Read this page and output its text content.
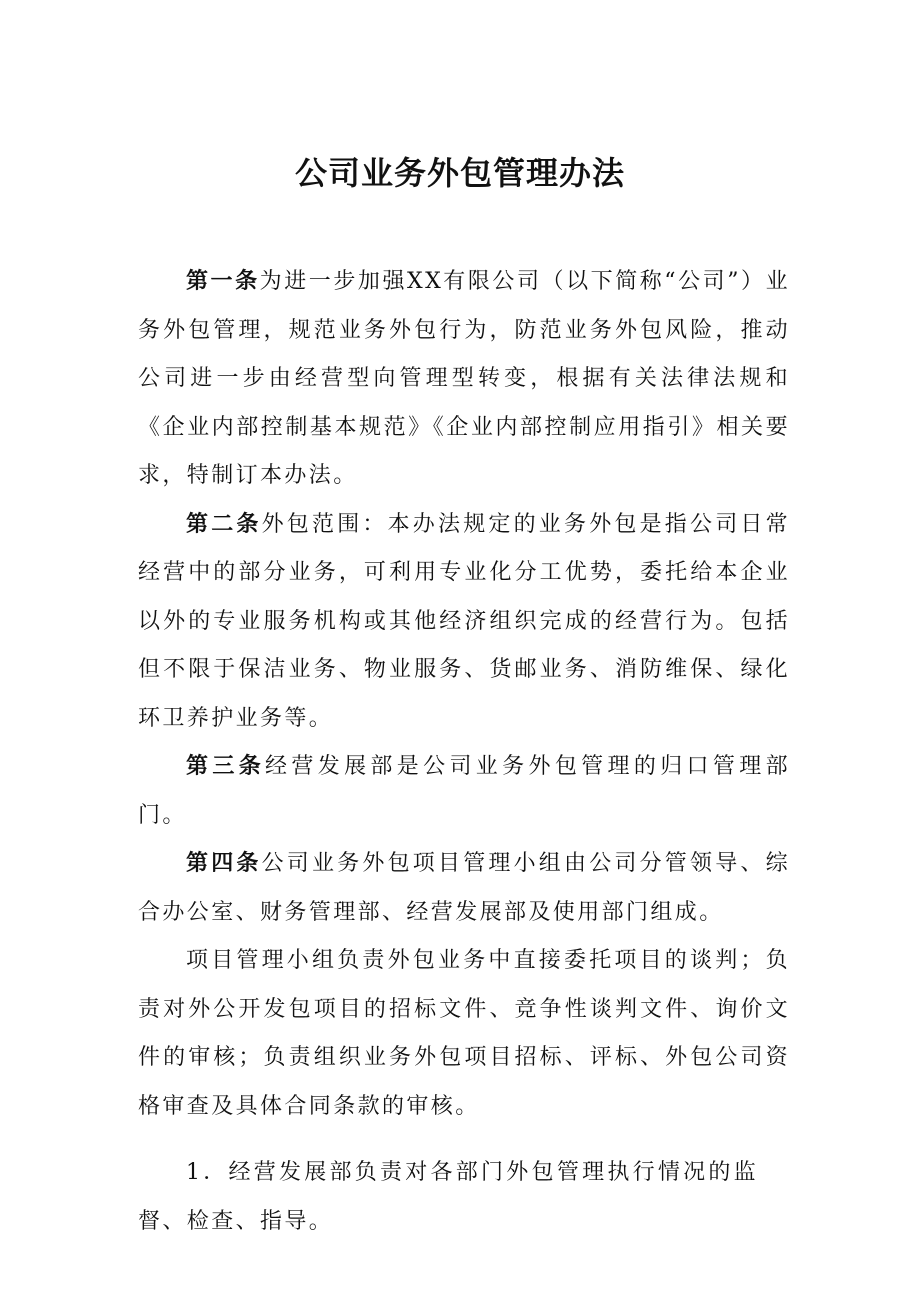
公司业务外包管理办法

第一条为进一步加强XX有限公司（以下简称“公司”）业务外包管理，规范业务外包行为，防范业务外包风险，推动公司进一步由经营型向管理型转变，根据有关法律法规和《企业内部控制基本规范》《企业内部控制应用指引》相关要求，特制订本办法。

第二条外包范围：本办法规定的业务外包是指公司日常经营中的部分业务，可利用专业化分工优势，委托给本企业以外的专业服务机构或其他经济组织完成的经营行为。包括但不限于保洁业务、物业服务、货邮业务、消防维保、绿化环卫养护业务等。

第三条经营发展部是公司业务外包管理的归口管理部门。

第四条公司业务外包项目管理小组由公司分管领导、综合办公室、财务管理部、经营发展部及使用部门组成。

项目管理小组负责外包业务中直接委托项目的谈判；负责对外公开发包项目的招标文件、竞争性谈判文件、询价文件的审核；负责组织业务外包项目招标、评标、外包公司资格审查及具体合同条款的审核。

1．经营发展部负责对各部门外包管理执行情况的监督、检查、指导。
